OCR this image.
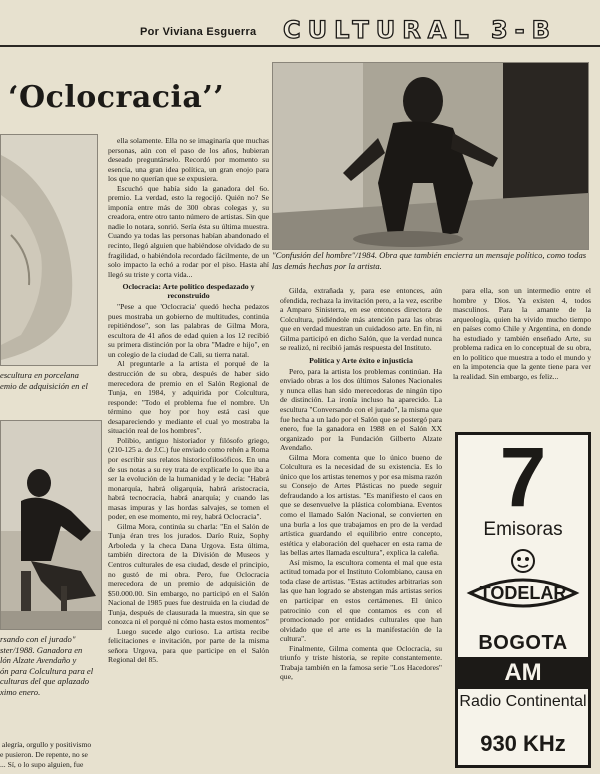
Por Viviana Esguerra CULTURAL 3-B
‘Oclocracia’’
escultura en porcelana
emio de adquisición en el
rsando con el jurado"
ster/1988. Ganadora en
lón Alzate Avendaño y
ón para Colcultura para el
culturas del que aplazado
ximo enero.
alegría, orgullo y positivismo
e pusieron. De repente, no se
... Sí, o lo supo alguien, fue
"Confusión del hombre"/1984. Obra que también encierra un mensaje político, como todas las demás hechas por la artista.

ella solamente. Ella no se imaginaría que muchas personas, aún con el paso de los años, hubieran deseado preguntárselo. Recordó por momento su esencia, una gran idea política, un gran enojo para los que no querían que se expusiera.

Escuchó que había sido la ganadora del 6o. premio. La verdad, esto la regocijó. Quién no? Se imponía entre más de 300 obras colegas y, su creadora, entre otro tanto número de artistas. Sin que nadie lo notara, sonrió. Sería ésta su última muestra. Cuando ya todas las personas habían abandonado el recinto, llegó alguien que habiéndose olvidado de su fragilidad, o habiéndola recordado fácilmente, de un solo impacto la echó a rodar por el piso. Hasta ahí llegó su triste y corta vida...

Oclocracia: Arte político despedazado y reconstruido

"Pese a que 'Oclocracia' quedó hecha pedazos pues mostraba un gobierno de multitudes, continúa repitiéndose", son las palabras de Gilma Mora, escultora de 41 años de edad quien a los 12 recibió su primera distinción por la obra "Madre e hijo", en un colegio de la ciudad de Cali, su tierra natal.

Al preguntarle a la artista el porqué de la destrucción de su obra, después de haber sido merecedora de premio en el Salón Regional de Tunja, en 1984, y adquirida por Colcultura, responde: "Todo el problema fue el nombre. Un término que hoy por hoy está casi que desapareciendo y mediante el cual yo mostraba la situación real de los hombres".

Polibio, antiguo historiador y filósofo griego, (210-125 a. de J.C.) fue enviado como rehén a Roma por escribir sus relatos historicofilosóficos. En una de sus notas a su rey trata de explicarle lo que iba a ser la evolución de la humanidad y le decía: "Habrá monarquía, habrá oligarquía, habrá aristocracia, habrá tecnocracia, habrá anarquía; y cuando las masas impuras y las hordas salvajes, se tomen el poder, en ese momento, mi rey, habrá Oclocracia".

Gilma Mora, continúa su charla: "En el Salón de Tunja éran tres los jurados. Darío Ruiz, Sophy Arboleda y la checa Dana Urgova. Esta última, también directora de la División de Museos y Centros culturales de esa ciudad, desde el principio, no gustó de mi obra. Pero, fue Oclocracia merecedora de un premio de adquisición de $50.000.00. Sin embargo, no participó en el Salón Nacional de 1985 pues fue destruida en la ciudad de Tunja, después de clausurada la muestra, sin que se conozca ni el porqué ni cómo hasta estos momentos"

Luego sucede algo curioso. La artista recibe felicitaciones e invitación, por parte de la misma señora Urgova, para que participe en el Salón Regional del 85.

Gilda, extrañada y, para ese entonces, aún ofendida, rechaza la invitación pero, a la vez, escribe a Amparo Sinisterra, en ese entonces directora de Colcultura, pidiéndole más atención para las obras que en verdad muestran un cuidadoso arte. En fin, ni Gilma participó en dicho Salón, que la verdad nunca se realizó, ni recibió jamás respuesta del Instituto.

Política y Arte éxito e injusticia

Pero, para la artista los problemas continúan. Ha enviado obras a los dos últimos Salones Nacionales y nunca ellas han sido merecedoras de ningún tipo de distinción. La ironía incluso ha aparecido. La escultura "Conversando con el jurado", la misma que fue hecha a un lado por el Salón que se postergó para enero, fue la ganadora en 1988 en el Salón XX organizado por la Fundación Gilberto Alzate Avendaño.

Gilma Mora comenta que lo único bueno de Colcultura es la necesidad de su existencia. Es lo único que los artistas tenemos y por esa misma razón su Consejo de Artes Plásticas no puede seguir defraudando a los artistas. "Es manifiesto el caos en que se desenvuelve la plástica colombiana. Eventos como el llamado Salón Nacional, se convierten en una burla a los que trabajamos en pro de la verdad artística guardando el equilibrio entre concepto, estética y elaboración del quehacer en esta rama de las bellas artes llamada escultura", explica la caleña.

Así mismo, la escultora comenta el mal que esta actitud tomada por el Instituto Colombiano, causa en toda clase de artistas. "Estas actitudes arbitrarias son las que han logrado se abstengan más artistas serios en participar en estos certámenes. El único patrocinio con el que contamos es con el promocionado por entidades culturales que han olvidado que el arte es la manifestación de la cultura".

Finalmente, Gilma comenta que Oclocracia, su triunfo y triste historia, se repite constantemente. Trabaja también en la famosa serie "Los Hacedores" que,

para ella, son un intermedio entre el hombre y Dios. Ya existen 4, todos masculinos. Para la amante de la arqueología, quien ha vivido mucho tiempo en países como Chile y Argentina, en donde ha estudiado y también enseñado Arte, su problema radica en lo conceptual de su obra, en lo político que muestra a todo el mundo y en la impotencia que la gente tiene para ver la realidad. Sin embargo, es feliz...

7
Emisoras
TODELAR
BOGOTA
AM
Radio Continental
930 KHz
